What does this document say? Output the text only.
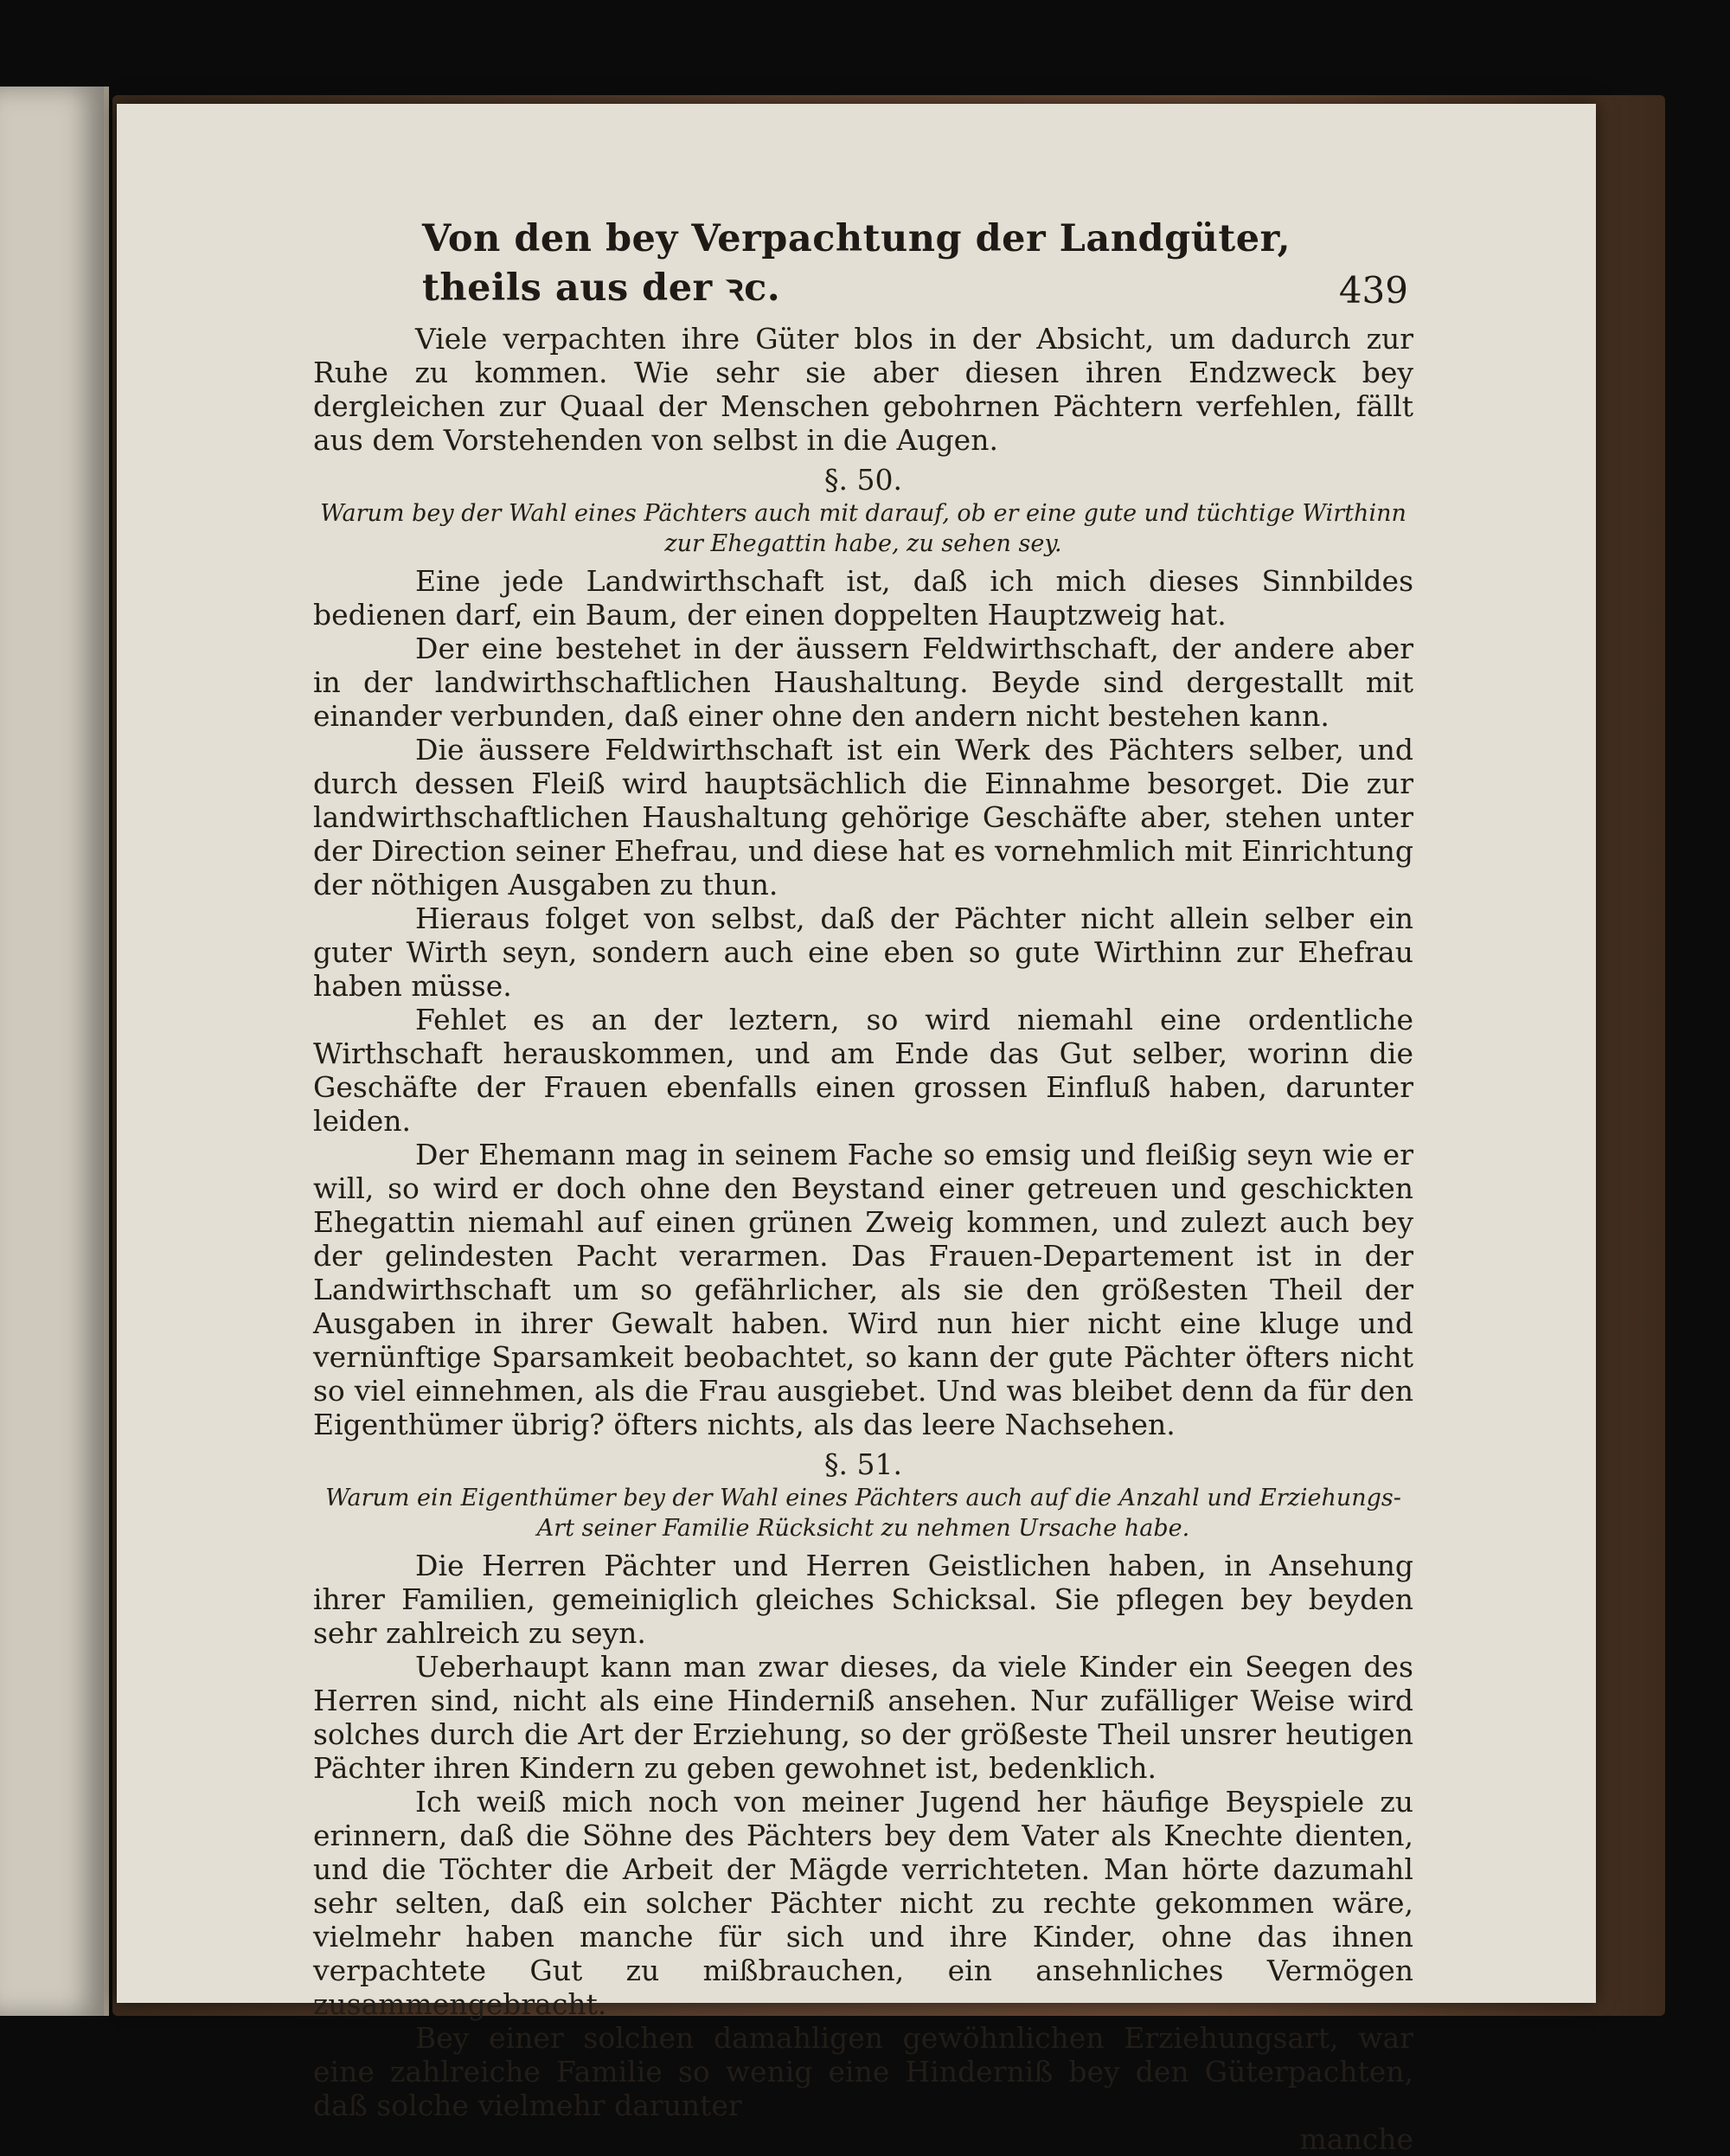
Von den bey Verpachtung der Landgüter, theils aus der ꝛc.	439

Viele verpachten ihre Güter blos in der Absicht, um dadurch zur Ruhe zu kommen. Wie sehr sie aber diesen ihren Endzweck bey dergleichen zur Quaal der Menschen gebohrnen Pächtern verfehlen, fällt aus dem Vorstehenden von selbst in die Augen.

§. 50.
Warum bey der Wahl eines Pächters auch mit darauf, ob er eine gute und tüchtige Wirthinn zur Ehegattin habe, zu sehen sey.

Eine jede Landwirthschaft ist, daß ich mich dieses Sinnbildes bedienen darf, ein Baum, der einen doppelten Hauptzweig hat.

Der eine bestehet in der äussern Feldwirthschaft, der andere aber in der landwirthschaftlichen Haushaltung. Beyde sind dergestallt mit einander verbunden, daß einer ohne den andern nicht bestehen kann.

Die äussere Feldwirthschaft ist ein Werk des Pächters selber, und durch dessen Fleiß wird hauptsächlich die Einnahme besorget. Die zur landwirthschaftlichen Haushaltung gehörige Geschäfte aber, stehen unter der Direction seiner Ehefrau, und diese hat es vornehmlich mit Einrichtung der nöthigen Ausgaben zu thun.

Hieraus folget von selbst, daß der Pächter nicht allein selber ein guter Wirth seyn, sondern auch eine eben so gute Wirthinn zur Ehefrau haben müsse.

Fehlet es an der leztern, so wird niemahl eine ordentliche Wirthschaft herauskommen, und am Ende das Gut selber, worinn die Geschäfte der Frauen ebenfalls einen grossen Einfluß haben, darunter leiden.

Der Ehemann mag in seinem Fache so emsig und fleißig seyn wie er will, so wird er doch ohne den Beystand einer getreuen und geschickten Ehegattin niemahl auf einen grünen Zweig kommen, und zulezt auch bey der gelindesten Pacht verarmen. Das Frauen-Departement ist in der Landwirthschaft um so gefährlicher, als sie den größesten Theil der Ausgaben in ihrer Gewalt haben. Wird nun hier nicht eine kluge und vernünftige Sparsamkeit beobachtet, so kann der gute Pächter öfters nicht so viel einnehmen, als die Frau ausgiebet. Und was bleibet denn da für den Eigenthümer übrig? öfters nichts, als das leere Nachsehen.

§. 51.
Warum ein Eigenthümer bey der Wahl eines Pächters auch auf die Anzahl und Erziehungs-Art seiner Familie Rücksicht zu nehmen Ursache habe.

Die Herren Pächter und Herren Geistlichen haben, in Ansehung ihrer Familien, gemeiniglich gleiches Schicksal. Sie pflegen bey beyden sehr zahlreich zu seyn.

Ueberhaupt kann man zwar dieses, da viele Kinder ein Seegen des Herren sind, nicht als eine Hinderniß ansehen. Nur zufälliger Weise wird solches durch die Art der Erziehung, so der größeste Theil unsrer heutigen Pächter ihren Kindern zu geben gewohnet ist, bedenklich.

Ich weiß mich noch von meiner Jugend her häufige Beyspiele zu erinnern, daß die Söhne des Pächters bey dem Vater als Knechte dienten, und die Töchter die Arbeit der Mägde verrichteten. Man hörte dazumahl sehr selten, daß ein solcher Pächter nicht zu rechte gekommen wäre, vielmehr haben manche für sich und ihre Kinder, ohne das ihnen verpachtete Gut zu mißbrauchen, ein ansehnliches Vermögen zusammengebracht.

Bey einer solchen damahligen gewöhnlichen Erziehungsart, war eine zahlreiche Familie so wenig eine Hinderniß bey den Güterpachten, daß solche vielmehr darunter

manche
